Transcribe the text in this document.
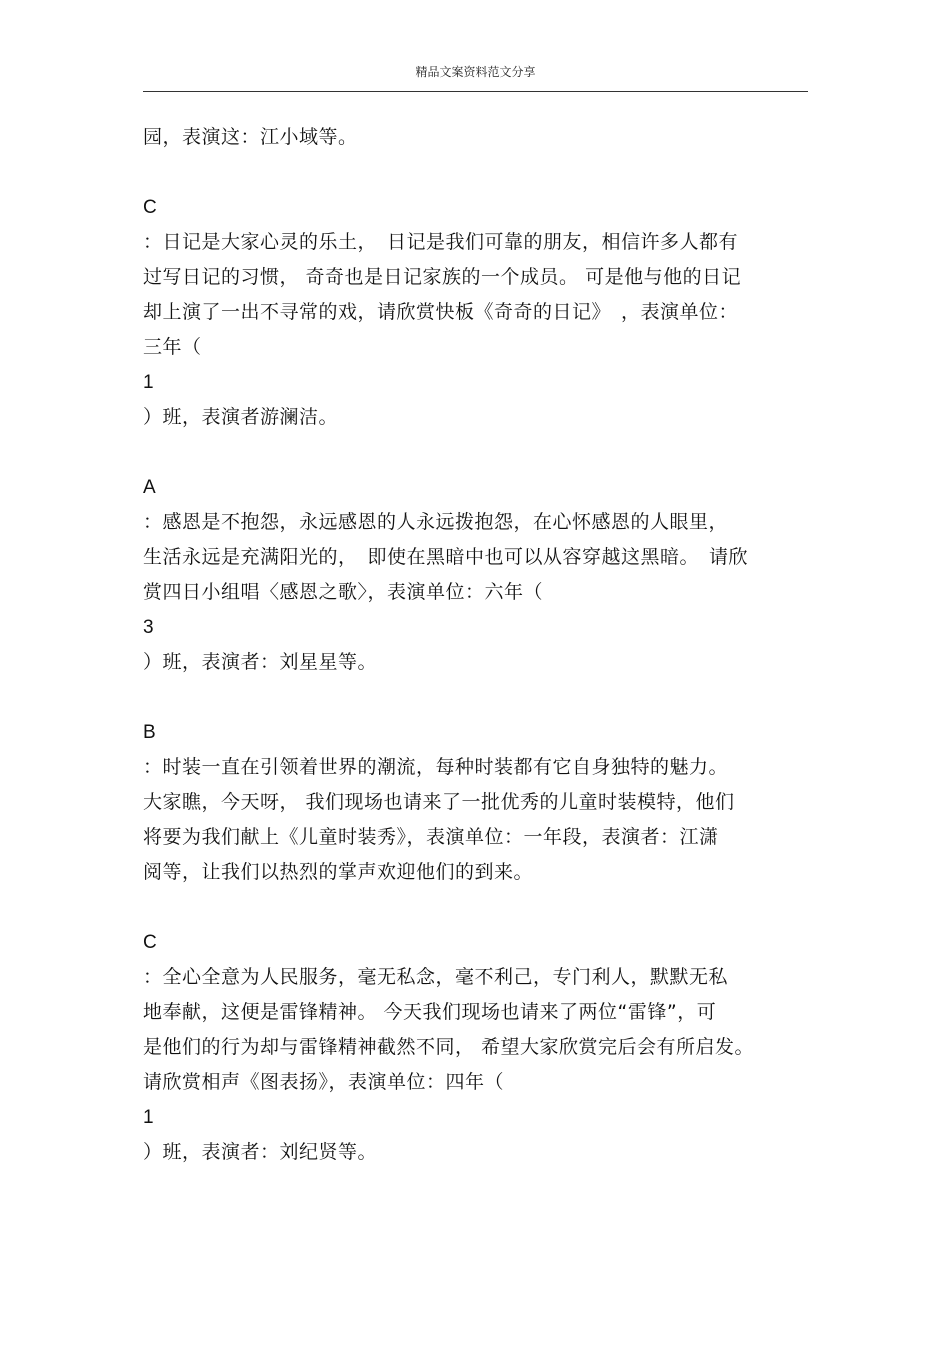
精品文案资料范文分享
园，表演这：江小域等。
C
：日记是大家心灵的乐土，　日记是我们可靠的朋友，相信许多人都有
过写日记的习惯， 奇奇也是日记家族的一个成员。 可是他与他的日记
却上演了一出不寻常的戏，请欣赏快板《奇奇的日记》　，表演单位：
三年（
1
）班，表演者游澜洁。
A
：感恩是不抱怨，永远感恩的人永远拨抱怨，在心怀感恩的人眼里，
生活永远是充满阳光的，　即使在黑暗中也可以从容穿越这黑暗。　请欣
赏四日小组唱〈感恩之歌〉，表演单位：六年（
3
）班，表演者：刘星星等。
B
：时装一直在引领着世界的潮流，每种时装都有它自身独特的魅力。
大家瞧，今天呀， 我们现场也请来了一批优秀的儿童时装模特，他们
将要为我们献上《儿童时装秀》，表演单位：一年段，表演者：江潇
阅等，让我们以热烈的掌声欢迎他们的到来。
C
：全心全意为人民服务，毫无私念，毫不利己，专门利人，默默无私
地奉献，这便是雷锋精神。 今天我们现场也请来了两位“雷锋”，可
是他们的行为却与雷锋精神截然不同， 希望大家欣赏完后会有所启发。
请欣赏相声《图表扬》，表演单位：四年（
1
）班，表演者：刘纪贤等。
